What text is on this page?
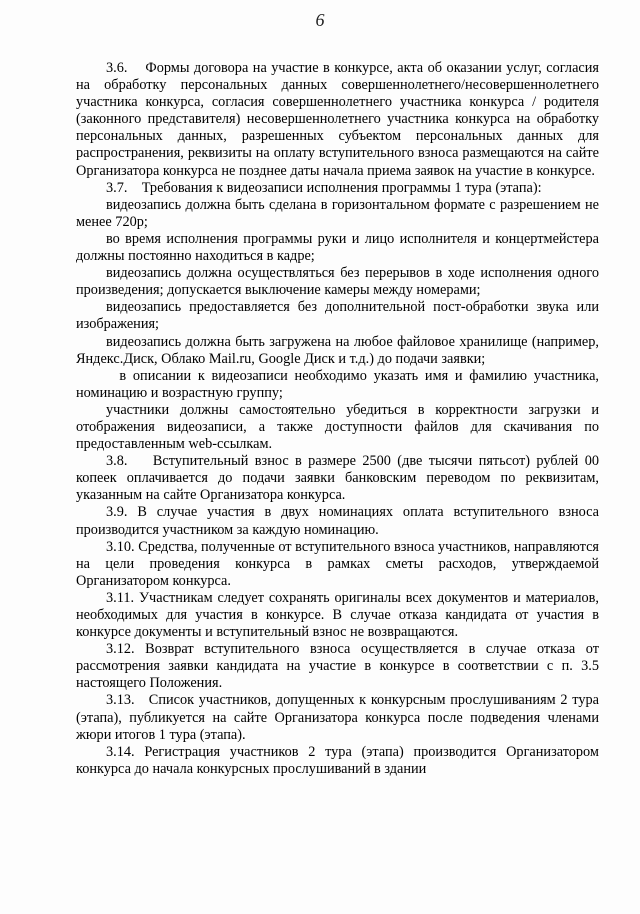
6

3.6.    Формы договора на участие в конкурсе, акта об оказании услуг, согласия на обработку персональных данных совершеннолетнего/несовершеннолетнего участника конкурса, согласия совершеннолетнего участника конкурса / родителя (законного представителя) несовершеннолетнего участника конкурса на обработку персональных данных, разрешенных субъектом персональных данных для распространения, реквизиты на оплату вступительного взноса размещаются на сайте Организатора конкурса не позднее даты начала приема заявок на участие в конкурсе.

3.7.    Требования к видеозаписи исполнения программы 1 тура (этапа):

видеозапись должна быть сделана в горизонтальном формате с разрешением не менее 720p;

во время исполнения программы руки и лицо исполнителя и концертмейстера должны постоянно находиться в кадре;

видеозапись должна осуществляться без перерывов в ходе исполнения одного произведения; допускается выключение камеры между номерами;

видеозапись предоставляется без дополнительной пост-обработки звука или изображения;

видеозапись должна быть загружена на любое файловое хранилище (например, Яндекс.Диск, Облако Mail.ru, Google Диск и т.д.) до подачи заявки;

в описании к видеозаписи необходимо указать имя и фамилию участника, номинацию и возрастную группу;

участники должны самостоятельно убедиться в корректности загрузки и отображения видеозаписи, а также доступности файлов для скачивания по предоставленным web-ссылкам.

3.8.    Вступительный взнос в размере 2500 (две тысячи пятьсот) рублей 00 копеек оплачивается до подачи заявки банковским переводом по реквизитам, указанным на сайте Организатора конкурса.

3.9. В случае участия в двух номинациях оплата вступительного взноса производится участником за каждую номинацию.

3.10. Средства, полученные от вступительного взноса участников, направляются на цели проведения конкурса в рамках сметы расходов, утверждаемой Организатором конкурса.

3.11. Участникам следует сохранять оригиналы всех документов и материалов, необходимых для участия в конкурсе. В случае отказа кандидата от участия в конкурсе документы и вступительный взнос не возвращаются.

3.12. Возврат вступительного взноса осуществляется в случае отказа от рассмотрения заявки кандидата на участие в конкурсе в соответствии с п. 3.5 настоящего Положения.

3.13.   Список участников, допущенных к конкурсным прослушиваниям 2 тура (этапа), публикуется на сайте Организатора конкурса после подведения членами жюри итогов 1 тура (этапа).

3.14. Регистрация участников 2 тура (этапа) производится Организатором конкурса до начала конкурсных прослушиваний в здании
